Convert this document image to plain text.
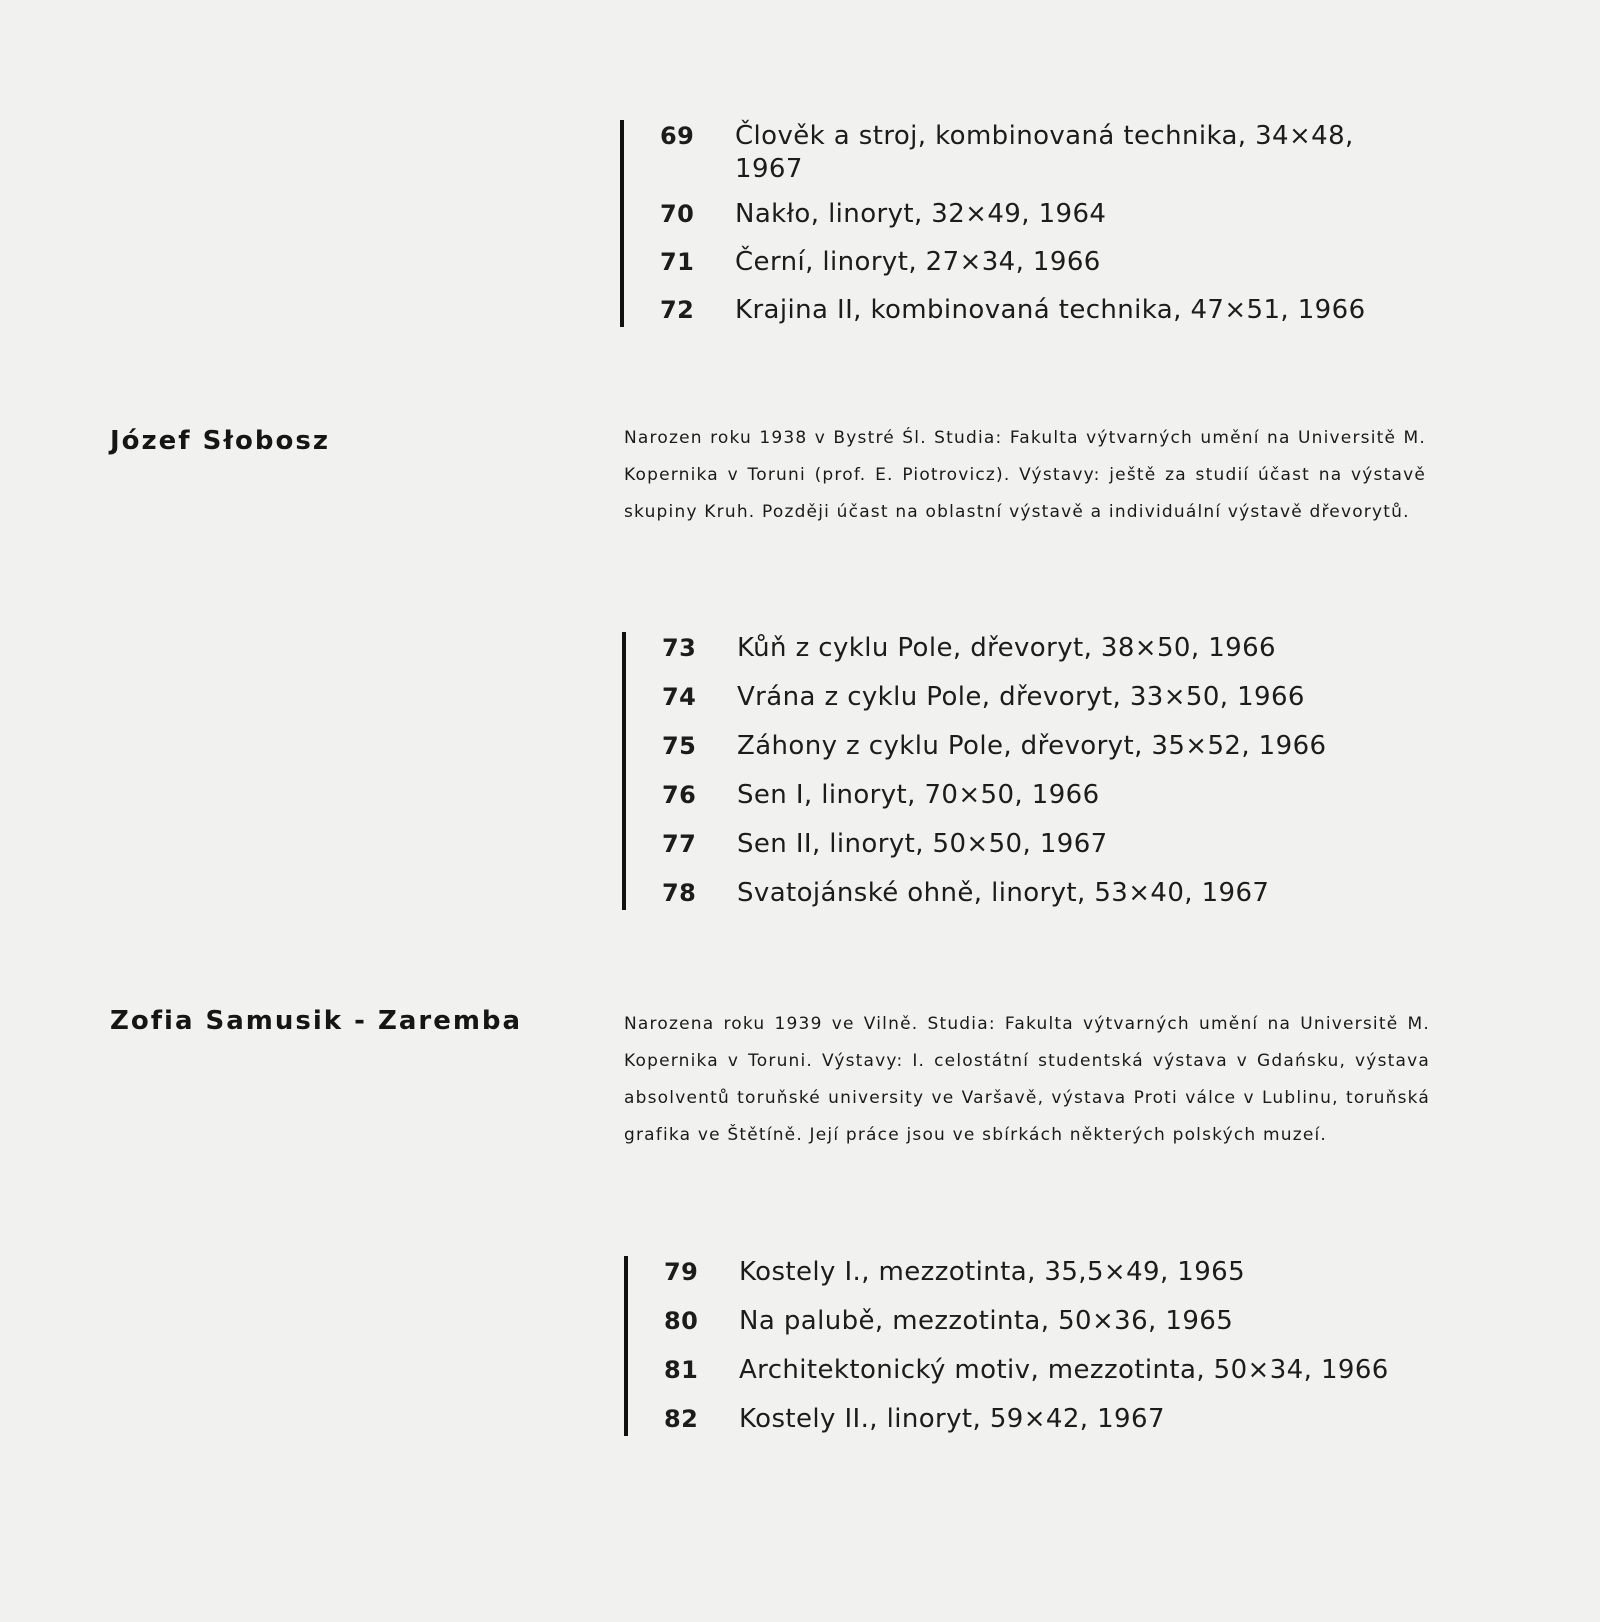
69	Člověk a stroj, kombinovaná technika, 34×48, 1967
70	Nakło, linoryt, 32×49, 1964
71	Černí, linoryt, 27×34, 1966
72	Krajina II, kombinovaná technika, 47×51, 1966
Józef Słobosz	Narozen roku 1938 v Bystré Śl. Studia: Fakulta výtvarných umění na Universitě M. Kopernika v Toruni (prof. E. Piotrovicz). Výstavy: ještě za studií účast na výstavě skupiny Kruh. Později účast na oblastní výstavě a individuální výstavě dřevorytů.
73	Kůň z cyklu Pole, dřevoryt, 38×50, 1966
74	Vrána z cyklu Pole, dřevoryt, 33×50, 1966
75	Záhony z cyklu Pole, dřevoryt, 35×52, 1966
76	Sen I, linoryt, 70×50, 1966
77	Sen II, linoryt, 50×50, 1967
78	Svatojánské ohně, linoryt, 53×40, 1967
Zofia Samusik - Zaremba	Narozena roku 1939 ve Vilně. Studia: Fakulta výtvarných umění na Universitě M. Kopernika v Toruni. Výstavy: I. celostátní studentská výstava v Gdańsku, výstava absolventů toruňské university ve Varšavě, výstava Proti válce v Lublinu, toruňská grafika ve Štětíně. Její práce jsou ve sbírkách některých polských muzeí.
79	Kostely I., mezzotinta, 35,5×49, 1965
80	Na palubě, mezzotinta, 50×36, 1965
81	Architektonický motiv, mezzotinta, 50×34, 1966
82	Kostely II., linoryt, 59×42, 1967
